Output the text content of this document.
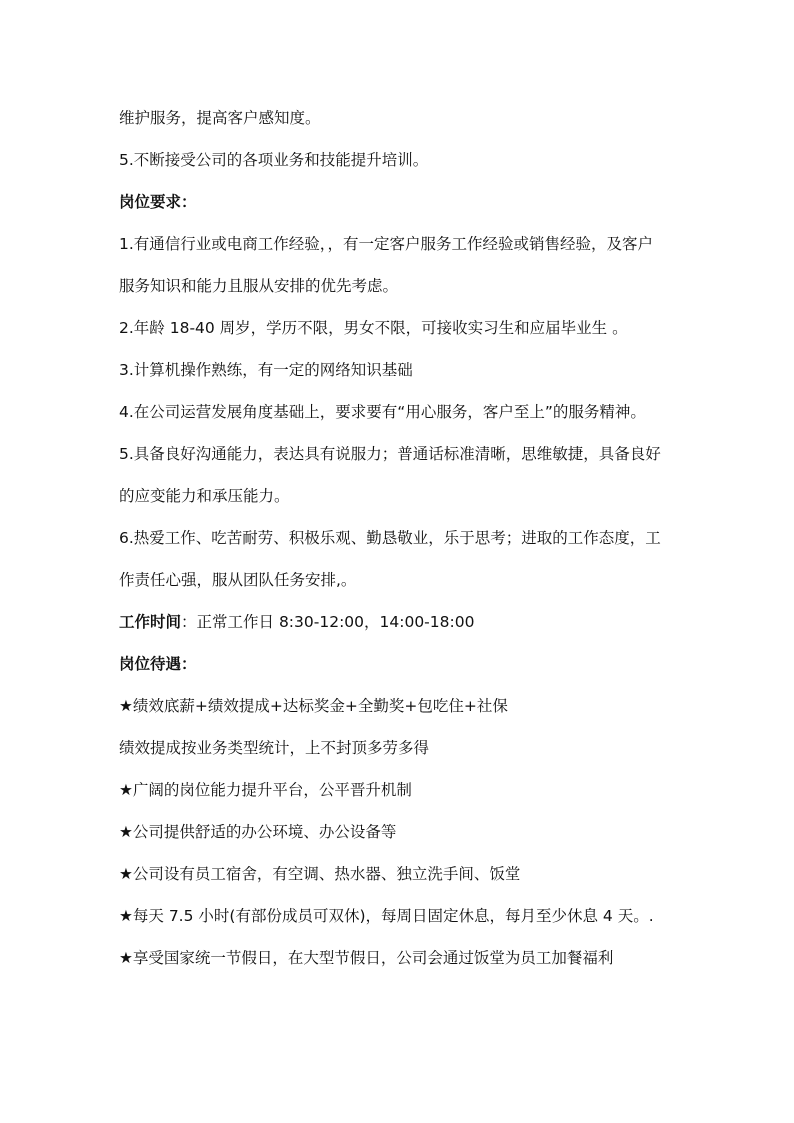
维护服务，提高客户感知度。
5.不断接受公司的各项业务和技能提升培训。
岗位要求：
1.有通信行业或电商工作经验，，有一定客户服务工作经验或销售经验，及客户
服务知识和能力且服从安排的优先考虑。
2.年龄 18-40 周岁，学历不限，男女不限，可接收实习生和应届毕业生 。
3.计算机操作熟练，有一定的网络知识基础
4.在公司运营发展角度基础上，要求要有“用心服务，客户至上”的服务精神。
5.具备良好沟通能力，表达具有说服力；普通话标准清晰，思维敏捷，具备良好
的应变能力和承压能力。
6.热爱工作、吃苦耐劳、积极乐观、勤恳敬业，乐于思考；进取的工作态度，工
作责任心强，服从团队任务安排,。
工作时间：正常工作日 8:30-12:00，14:00-18:00
岗位待遇：
★绩效底薪+绩效提成+达标奖金+全勤奖+包吃住+社保
绩效提成按业务类型统计，上不封顶多劳多得
★广阔的岗位能力提升平台，公平晋升机制
★公司提供舒适的办公环境、办公设备等
★公司设有员工宿舍，有空调、热水器、独立洗手间、饭堂
★每天 7.5 小时(有部份成员可双休)，每周日固定休息，每月至少休息 4 天。.
★享受国家统一节假日，在大型节假日，公司会通过饭堂为员工加餐福利
